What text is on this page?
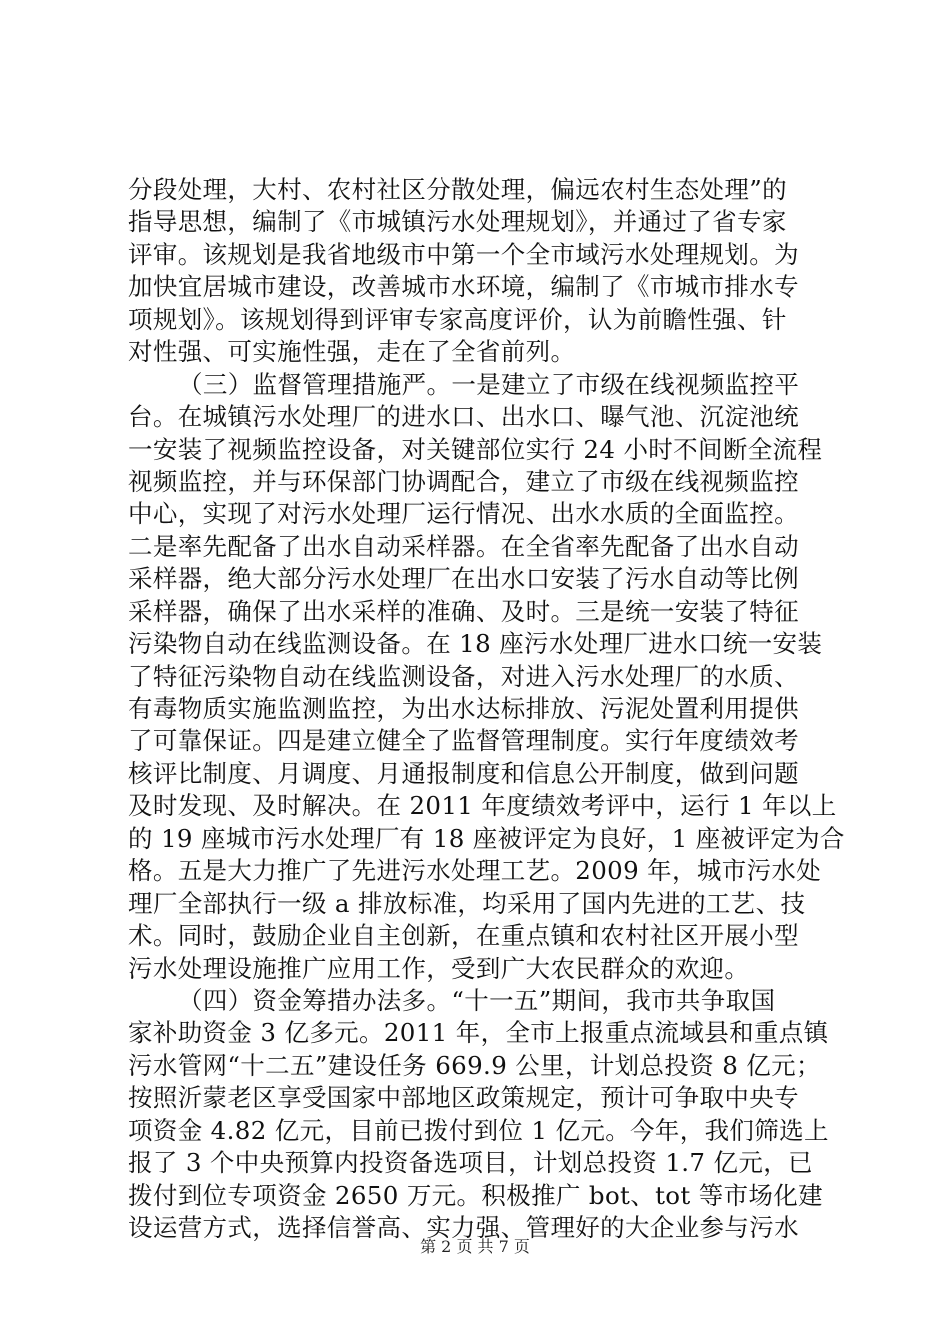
分段处理，大村、农村社区分散处理，偏远农村生态处理”的
指导思想，编制了《市城镇污水处理规划》，并通过了省专家
评审。该规划是我省地级市中第一个全市域污水处理规划。为
加快宜居城市建设，改善城市水环境，编制了《市城市排水专
项规划》。该规划得到评审专家高度评价，认为前瞻性强、针
对性强、可实施性强，走在了全省前列。
（三）监督管理措施严。一是建立了市级在线视频监控平
台。在城镇污水处理厂的进水口、出水口、曝气池、沉淀池统
一安装了视频监控设备，对关键部位实行 24 小时不间断全流程
视频监控，并与环保部门协调配合，建立了市级在线视频监控
中心，实现了对污水处理厂运行情况、出水水质的全面监控。
二是率先配备了出水自动采样器。在全省率先配备了出水自动
采样器，绝大部分污水处理厂在出水口安装了污水自动等比例
采样器，确保了出水采样的准确、及时。三是统一安装了特征
污染物自动在线监测设备。在 18 座污水处理厂进水口统一安装
了特征污染物自动在线监测设备，对进入污水处理厂的水质、
有毒物质实施监测监控，为出水达标排放、污泥处置利用提供
了可靠保证。四是建立健全了监督管理制度。实行年度绩效考
核评比制度、月调度、月通报制度和信息公开制度，做到问题
及时发现、及时解决。在 2011 年度绩效考评中，运行 1 年以上
的 19 座城市污水处理厂有 18 座被评定为良好，1 座被评定为合
格。五是大力推广了先进污水处理工艺。2009 年，城市污水处
理厂全部执行一级 a 排放标准，均采用了国内先进的工艺、技
术。同时，鼓励企业自主创新，在重点镇和农村社区开展小型
污水处理设施推广应用工作，受到广大农民群众的欢迎。
（四）资金筹措办法多。“十一五”期间，我市共争取国
家补助资金 3 亿多元。2011 年，全市上报重点流域县和重点镇
污水管网“十二五”建设任务 669.9 公里，计划总投资 8 亿元；
按照沂蒙老区享受国家中部地区政策规定，预计可争取中央专
项资金 4.82 亿元，目前已拨付到位 1 亿元。今年，我们筛选上
报了 3 个中央预算内投资备选项目，计划总投资 1.7 亿元，已
拨付到位专项资金 2650 万元。积极推广 bot、tot 等市场化建
设运营方式，选择信誉高、实力强、管理好的大企业参与污水
第 2 页 共 7 页
